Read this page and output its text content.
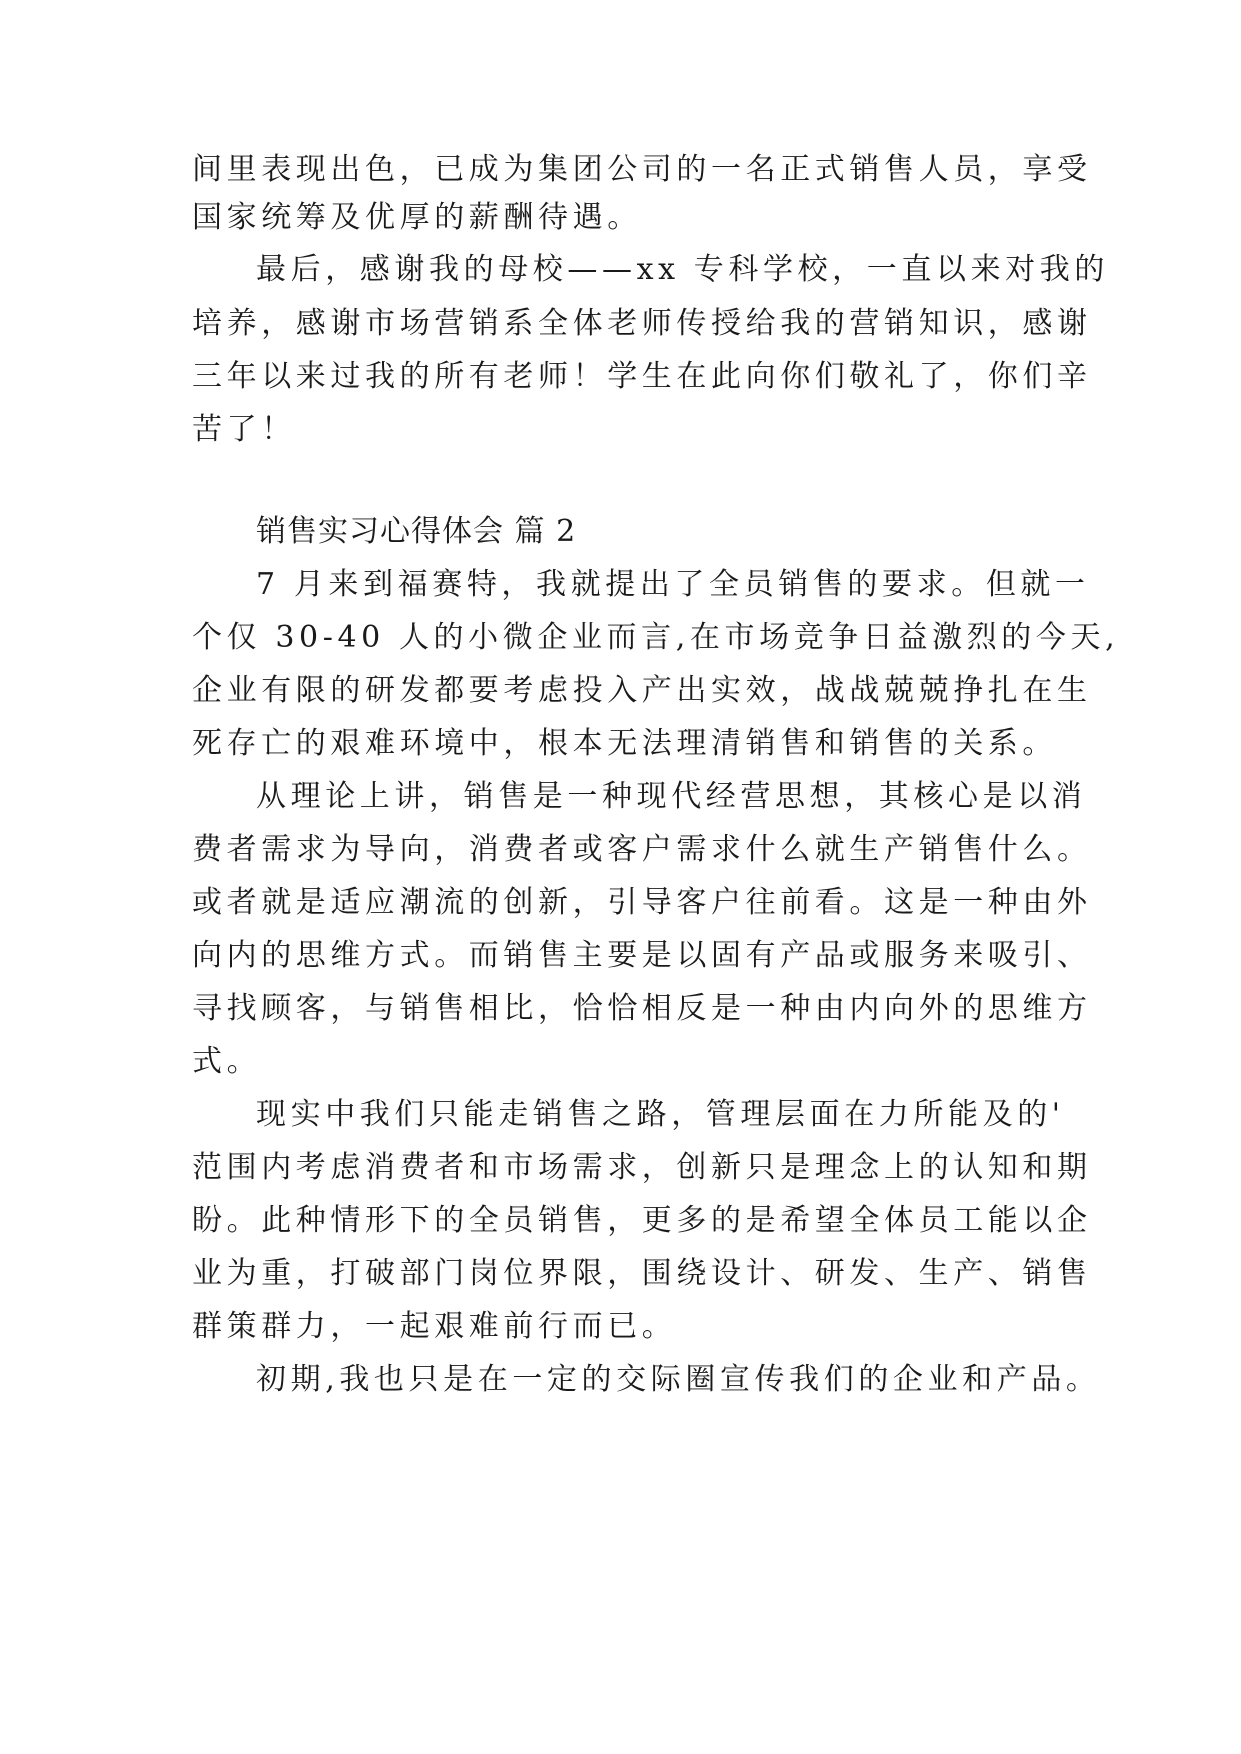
间里表现出色，已成为集团公司的一名正式销售人员，享受
国家统筹及优厚的薪酬待遇。
最后，感谢我的母校——xx 专科学校，一直以来对我的
培养，感谢市场营销系全体老师传授给我的营销知识，感谢
三年以来过我的所有老师！学生在此向你们敬礼了，你们辛
苦了！
销售实习心得体会 篇 2
7 月来到福赛特，我就提出了全员销售的要求。但就一
个仅 30-40 人的小微企业而言,在市场竞争日益激烈的今天,
企业有限的研发都要考虑投入产出实效，战战兢兢挣扎在生
死存亡的艰难环境中，根本无法理清销售和销售的关系。
从理论上讲，销售是一种现代经营思想，其核心是以消
费者需求为导向，消费者或客户需求什么就生产销售什么。
或者就是适应潮流的创新，引导客户往前看。这是一种由外
向内的思维方式。而销售主要是以固有产品或服务来吸引、
寻找顾客，与销售相比，恰恰相反是一种由内向外的思维方
式。
现实中我们只能走销售之路，管理层面在力所能及的'
范围内考虑消费者和市场需求，创新只是理念上的认知和期
盼。此种情形下的全员销售，更多的是希望全体员工能以企
业为重，打破部门岗位界限，围绕设计、研发、生产、销售
群策群力，一起艰难前行而已。
初期,我也只是在一定的交际圈宣传我们的企业和产品。
